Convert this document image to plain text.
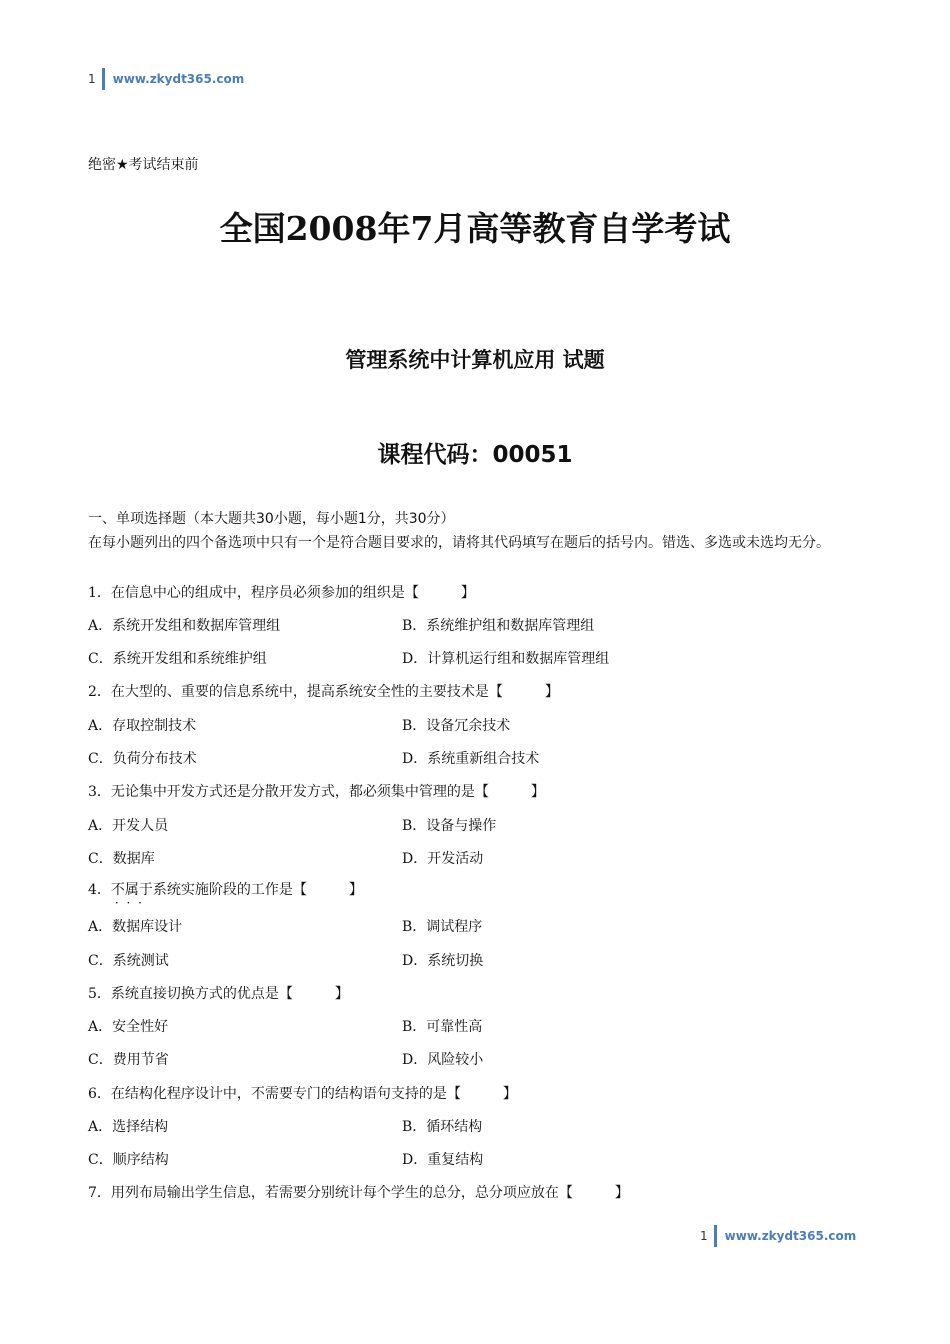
1 www.zkydt365.com
绝密★考试结束前
全国2008年7月高等教育自学考试
管理系统中计算机应用 试题
课程代码：00051
一、单项选择题（本大题共30小题，每小题1分，共30分）
在每小题列出的四个备选项中只有一个是符合题目要求的，请将其代码填写在题后的括号内。错选、多选或未选均无分。
1．在信息中心的组成中，程序员必须参加的组织是【　　　】
A．系统开发组和数据库管理组	B．系统维护组和数据库管理组
C．系统开发组和系统维护组	D．计算机运行组和数据库管理组
2．在大型的、重要的信息系统中，提高系统安全性的主要技术是【　　　】
A．存取控制技术	B．设备冗余技术
C．负荷分布技术	D．系统重新组合技术
3．无论集中开发方式还是分散开发方式，都必须集中管理的是【　　　】
A．开发人员	B．设备与操作
C．数据库	D．开发活动
4．不属于 · · ·系统实施阶段的工作是【　　　】
A．数据库设计	B．调试程序
C．系统测试	D．系统切换
5．系统直接切换方式的优点是【　　　】
A．安全性好	B．可靠性高
C．费用节省	D．风险较小
6．在结构化程序设计中，不需要专门的结构语句支持的是【　　　】
A．选择结构	B．循环结构
C．顺序结构	D．重复结构
7．用列布局输出学生信息，若需要分别统计每个学生的总分，总分项应放在【　　　】
1 www.zkydt365.com
